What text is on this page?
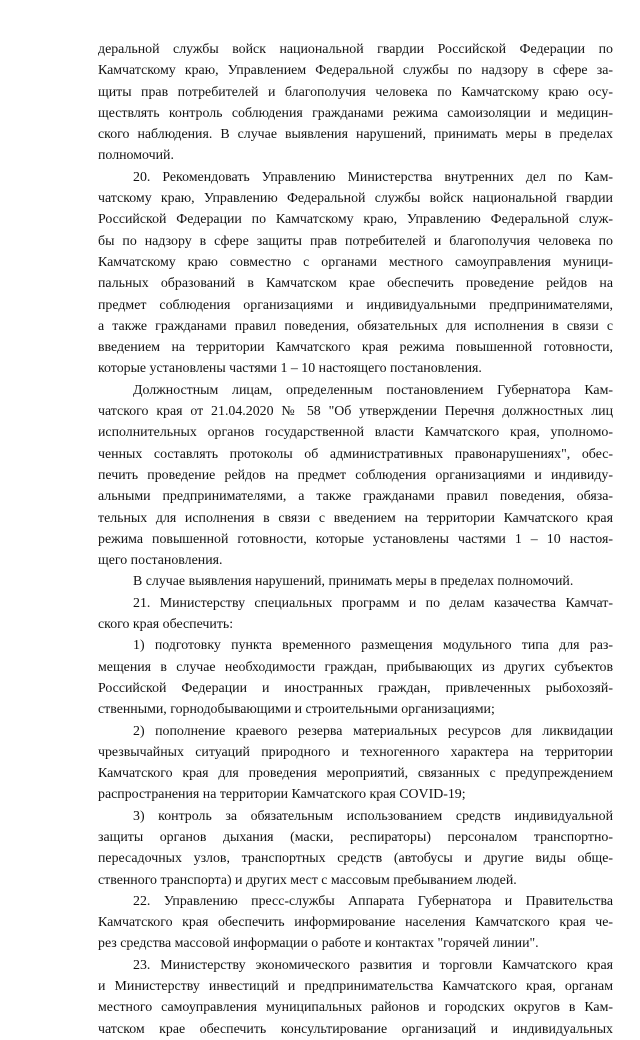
деральной службы войск национальной гвардии Российской Федерации по
Камчатскому краю, Управлением Федеральной службы по надзору в сфере за-
щиты прав потребителей и благополучия человека по Камчатскому краю осу-
ществлять контроль соблюдения гражданами режима самоизоляции и медицин-
ского наблюдения. В случае выявления нарушений, принимать меры в пределах
полномочий.
20. Рекомендовать Управлению Министерства внутренних дел по Кам-
чатскому краю, Управлению Федеральной службы войск национальной гвардии
Российской Федерации по Камчатскому краю, Управлению Федеральной служ-
бы по надзору в сфере защиты прав потребителей и благополучия человека по
Камчатскому краю совместно с органами местного самоуправления муници-
пальных образований в Камчатском крае обеспечить проведение рейдов на
предмет соблюдения организациями и индивидуальными предпринимателями,
а также гражданами правил поведения, обязательных для исполнения в связи с
введением на территории Камчатского края режима повышенной готовности,
которые установлены частями 1 – 10 настоящего постановления.
Должностным лицам, определенным постановлением Губернатора Кам-
чатского края от 21.04.2020 № 58 "Об утверждении Перечня должностных лиц
исполнительных органов государственной власти Камчатского края, уполномо-
ченных составлять протоколы об административных правонарушениях", обес-
печить проведение рейдов на предмет соблюдения организациями и индивиду-
альными предпринимателями, а также гражданами правил поведения, обяза-
тельных для исполнения в связи с введением на территории Камчатского края
режима повышенной готовности, которые установлены частями 1 – 10 настоя-
щего постановления.
В случае выявления нарушений, принимать меры в пределах полномочий.
21. Министерству специальных программ и по делам казачества Камчат-
ского края обеспечить:
1) подготовку пункта временного размещения модульного типа для раз-
мещения в случае необходимости граждан, прибывающих из других субъектов
Российской Федерации и иностранных граждан, привлеченных рыбохозяй-
ственными, горнодобывающими и строительными организациями;
2) пополнение краевого резерва материальных ресурсов для ликвидации
чрезвычайных ситуаций природного и техногенного характера на территории
Камчатского края для проведения мероприятий, связанных с предупреждением
распространения на территории Камчатского края COVID-19;
3) контроль за обязательным использованием средств индивидуальной
защиты органов дыхания (маски, респираторы) персоналом транспортно-
пересадочных узлов, транспортных средств (автобусы и другие виды обще-
ственного транспорта) и других мест с массовым пребыванием людей.
22. Управлению пресс-службы Аппарата Губернатора и Правительства
Камчатского края обеспечить информирование населения Камчатского края че-
рез средства массовой информации о работе и контактах "горячей линии".
23. Министерству экономического развития и торговли Камчатского края
и Министерству инвестиций и предпринимательства Камчатского края, органам
местного самоуправления муниципальных районов и городских округов в Кам-
чатском крае обеспечить консультирование организаций и индивидуальных
